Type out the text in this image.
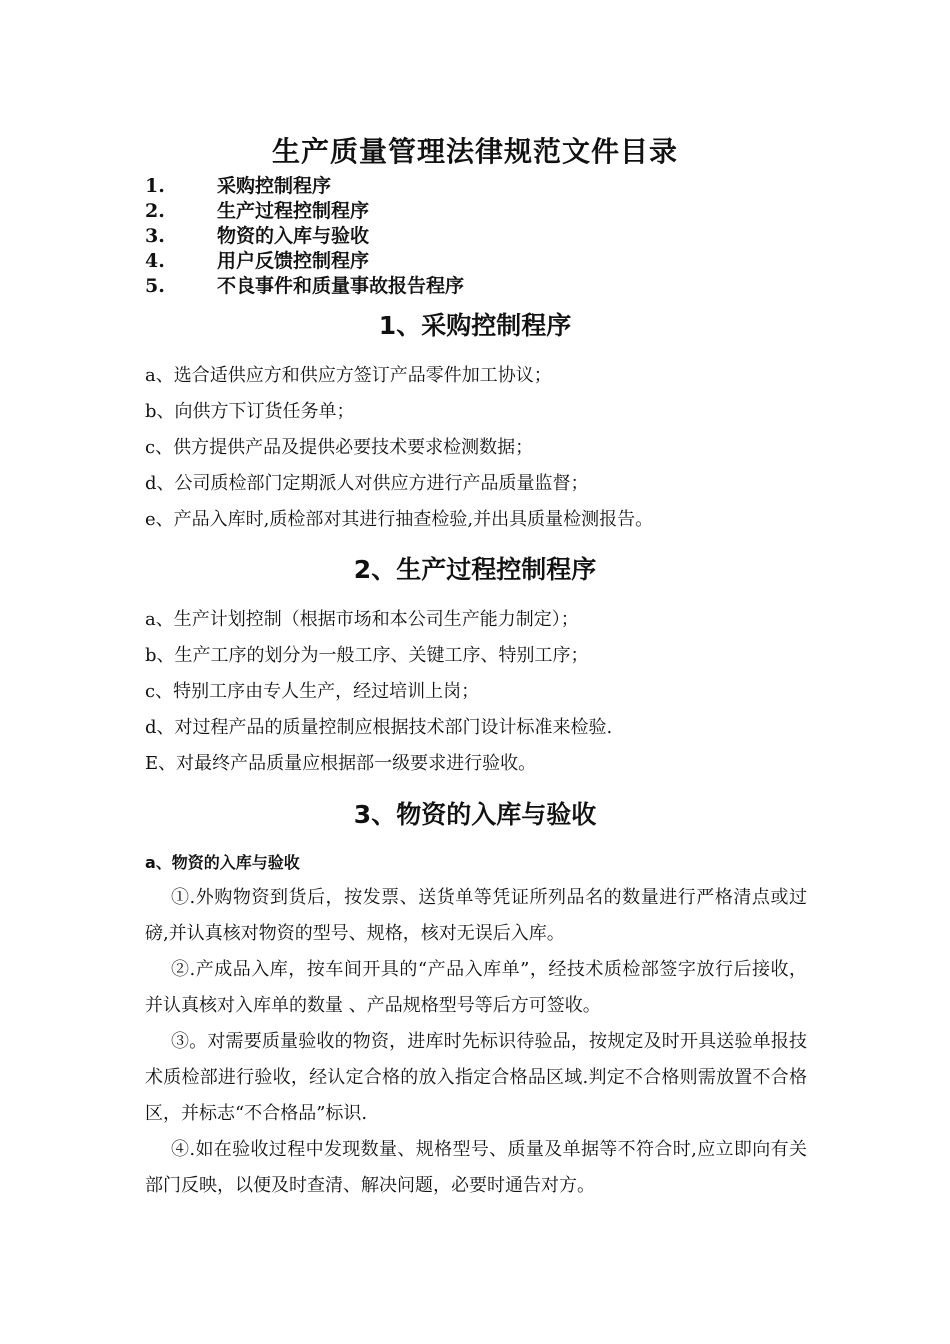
生产质量管理法律规范文件目录
1.	采购控制程序
2.	生产过程控制程序
3.	物资的入库与验收
4.	用户反馈控制程序
5.	不良事件和质量事故报告程序
1、采购控制程序
a、选合适供应方和供应方签订产品零件加工协议；
b、向供方下订货任务单；
c、供方提供产品及提供必要技术要求检测数据；
d、公司质检部门定期派人对供应方进行产品质量监督；
e、产品入库时,质检部对其进行抽查检验,并出具质量检测报告。
2、生产过程控制程序
a、生产计划控制（根据市场和本公司生产能力制定）；
b、生产工序的划分为一般工序、关键工序、特别工序；
c、特别工序由专人生产，经过培训上岗；
d、对过程产品的质量控制应根据技术部门设计标准来检验.
E、对最终产品质量应根据部一级要求进行验收。
3、物资的入库与验收
a、物资的入库与验收

①.外购物资到货后，按发票、送货单等凭证所列品名的数量进行严格清点或过磅,并认真核对物资的型号、规格，核对无误后入库。

②.产成品入库，按车间开具的“产品入库单”，经技术质检部签字放行后接收，并认真核对入库单的数量 、产品规格型号等后方可签收。

③。对需要质量验收的物资，进库时先标识待验品，按规定及时开具送验单报技术质检部进行验收，经认定合格的放入指定合格品区域.判定不合格则需放置不合格区，并标志“不合格品”标识.

④.如在验收过程中发现数量、规格型号、质量及单据等不符合时,应立即向有关部门反映，以便及时查清、解决问题，必要时通告对方。
